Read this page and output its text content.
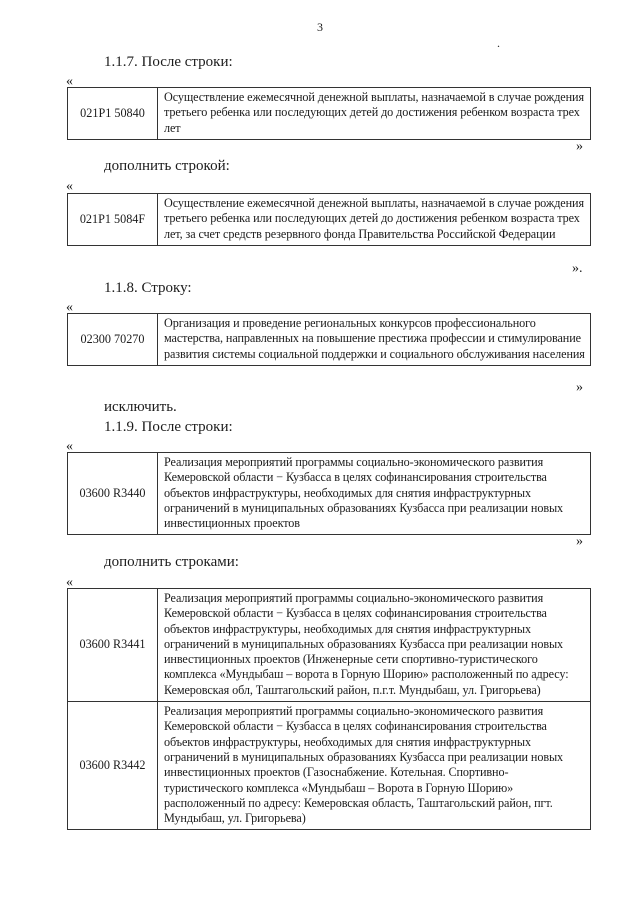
3
.
1.1.7. После строки:
«
021P1 50840	Осуществление ежемесячной денежной выплаты, назначаемой в случае рождения третьего ребенка или последующих детей до достижения ребенком возраста трех лет
»
дополнить строкой:
«
021P1 5084F	Осуществление ежемесячной денежной выплаты, назначаемой в случае рождения третьего ребенка или последующих детей до достижения ребенком возраста трех лет, за счет средств резервного фонда Правительства Российской Федерации
».
1.1.8. Строку:
«
02300 70270	Организация и проведение региональных конкурсов профессионального мастерства, направленных на повышение престижа профессии и стимулирование развития системы социальной поддержки и социального обслуживания населения
»
исключить.
1.1.9. После строки:
«
03600 R3440	Реализация мероприятий программы социально-экономического развития Кемеровской области − Кузбасса в целях софинансирования строительства объектов инфраструктуры, необходимых для снятия инфраструктурных ограничений в муниципальных образованиях Кузбасса при реализации новых инвестиционных проектов
»
дополнить строками:
«
03600 R3441	Реализация мероприятий программы социально-экономического развития Кемеровской области − Кузбасса в целях софинансирования строительства объектов инфраструктуры, необходимых для снятия инфраструктурных ограничений в муниципальных образованиях Кузбасса при реализации новых инвестиционных проектов (Инженерные сети спортивно-туристического комплекса «Мундыбаш – ворота в Горную Шорию» расположенный по адресу: Кемеровская обл, Таштагольский район, п.г.т. Мундыбаш, ул. Григорьева)
03600 R3442	Реализация мероприятий программы социально-экономического развития Кемеровской области − Кузбасса в целях софинансирования строительства объектов инфраструктуры, необходимых для снятия инфраструктурных ограничений в муниципальных образованиях Кузбасса при реализации новых инвестиционных проектов (Газоснабжение. Котельная. Спортивно-туристического комплекса «Мундыбаш – Ворота в Горную Шорию» расположенный по адресу: Кемеровская область, Таштагольский район, пгт. Мундыбаш, ул. Григорьева)
